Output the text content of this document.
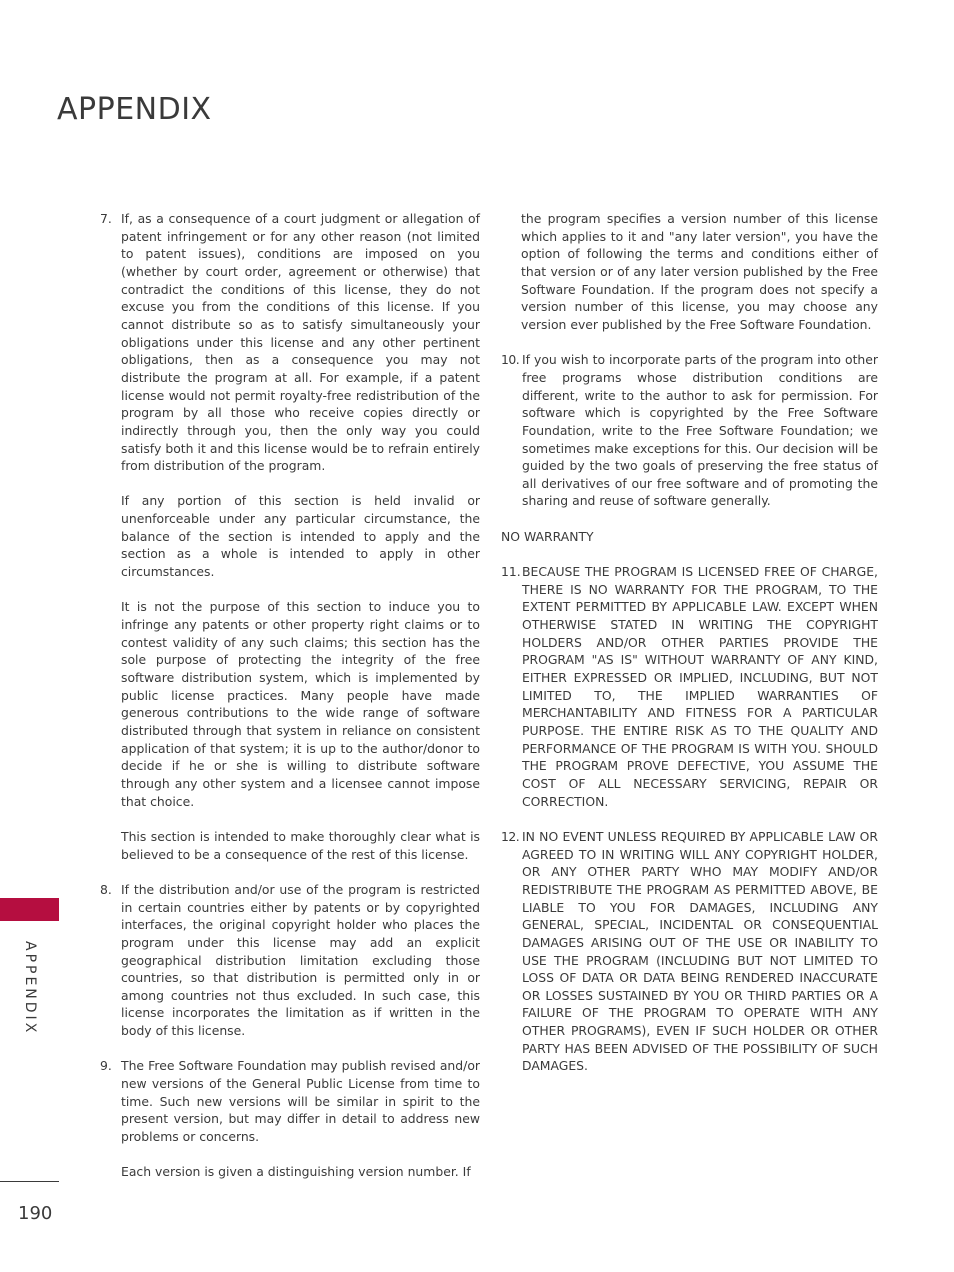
APPENDIX
7. If, as a consequence of a court judgment or allegation of patent infringement or for any other reason (not limited to patent issues), conditions are imposed on you (whether by court order, agreement or otherwise) that contradict the conditions of this license, they do not excuse you from the conditions of this license. If you cannot distribute so as to satisfy simultaneously your obligations under this license and any other pertinent obligations, then as a consequence you may not distribute the program at all. For example, if a patent license would not permit royalty-free redistribution of the program by all those who receive copies directly or indirectly through you, then the only way you could satisfy both it and this license would be to refrain entirely from distribution of the program.

If any portion of this section is held invalid or unenforceable under any particular circumstance, the balance of the section is intended to apply and the section as a whole is intended to apply in other circumstances.

It is not the purpose of this section to induce you to infringe any patents or other property right claims or to contest validity of any such claims; this section has the sole purpose of protecting the integrity of the free software distribution system, which is implemented by public license practices. Many people have made generous contributions to the wide range of software distributed through that system in reliance on consistent application of that system; it is up to the author/donor to decide if he or she is willing to distribute software through any other system and a licensee cannot impose that choice.

This section is intended to make thoroughly clear what is believed to be a consequence of the rest of this license.

8. If the distribution and/or use of the program is restricted in certain countries either by patents or by copyrighted interfaces, the original copyright holder who places the program under this license may add an explicit geographical distribution limitation excluding those countries, so that distribution is permitted only in or among countries not thus excluded. In such case, this license incorporates the limitation as if written in the body of this license.

9. The Free Software Foundation may publish revised and/or new versions of the General Public License from time to time. Such new versions will be similar in spirit to the present version, but may differ in detail to address new problems or concerns.

Each version is given a distinguishing version number. If

the program specifies a version number of this license which applies to it and "any later version", you have the option of following the terms and conditions either of that version or of any later version published by the Free Software Foundation. If the program does not specify a version number of this license, you may choose any version ever published by the Free Software Foundation.

10. If you wish to incorporate parts of the program into other free programs whose distribution conditions are different, write to the author to ask for permission. For software which is copyrighted by the Free Software Foundation, write to the Free Software Foundation; we sometimes make exceptions for this. Our decision will be guided by the two goals of preserving the free status of all derivatives of our free software and of promoting the sharing and reuse of software generally.

NO WARRANTY

11. BECAUSE THE PROGRAM IS LICENSED FREE OF CHARGE, THERE IS NO WARRANTY FOR THE PROGRAM, TO THE EXTENT PERMITTED BY APPLICABLE LAW. EXCEPT WHEN OTHERWISE STATED IN WRITING THE COPYRIGHT HOLDERS AND/OR OTHER PARTIES PROVIDE THE PROGRAM "AS IS" WITHOUT WARRANTY OF ANY KIND, EITHER EXPRESSED OR IMPLIED, INCLUDING, BUT NOT LIMITED TO, THE IMPLIED WARRANTIES OF MERCHANTABILITY AND FITNESS FOR A PARTICULAR PURPOSE. THE ENTIRE RISK AS TO THE QUALITY AND PERFORMANCE OF THE PROGRAM IS WITH YOU. SHOULD THE PROGRAM PROVE DEFECTIVE, YOU ASSUME THE COST OF ALL NECESSARY SERVICING, REPAIR OR CORRECTION.

12. IN NO EVENT UNLESS REQUIRED BY APPLICABLE LAW OR AGREED TO IN WRITING WILL ANY COPYRIGHT HOLDER, OR ANY OTHER PARTY WHO MAY MODIFY AND/OR REDISTRIBUTE THE PROGRAM AS PERMITTED ABOVE, BE LIABLE TO YOU FOR DAMAGES, INCLUDING ANY GENERAL, SPECIAL, INCIDENTAL OR CONSEQUENTIAL DAMAGES ARISING OUT OF THE USE OR INABILITY TO USE THE PROGRAM (INCLUDING BUT NOT LIMITED TO LOSS OF DATA OR DATA BEING RENDERED INACCURATE OR LOSSES SUSTAINED BY YOU OR THIRD PARTIES OR A FAILURE OF THE PROGRAM TO OPERATE WITH ANY OTHER PROGRAMS), EVEN IF SUCH HOLDER OR OTHER PARTY HAS BEEN ADVISED OF THE POSSIBILITY OF SUCH DAMAGES.

APPENDIX
190
